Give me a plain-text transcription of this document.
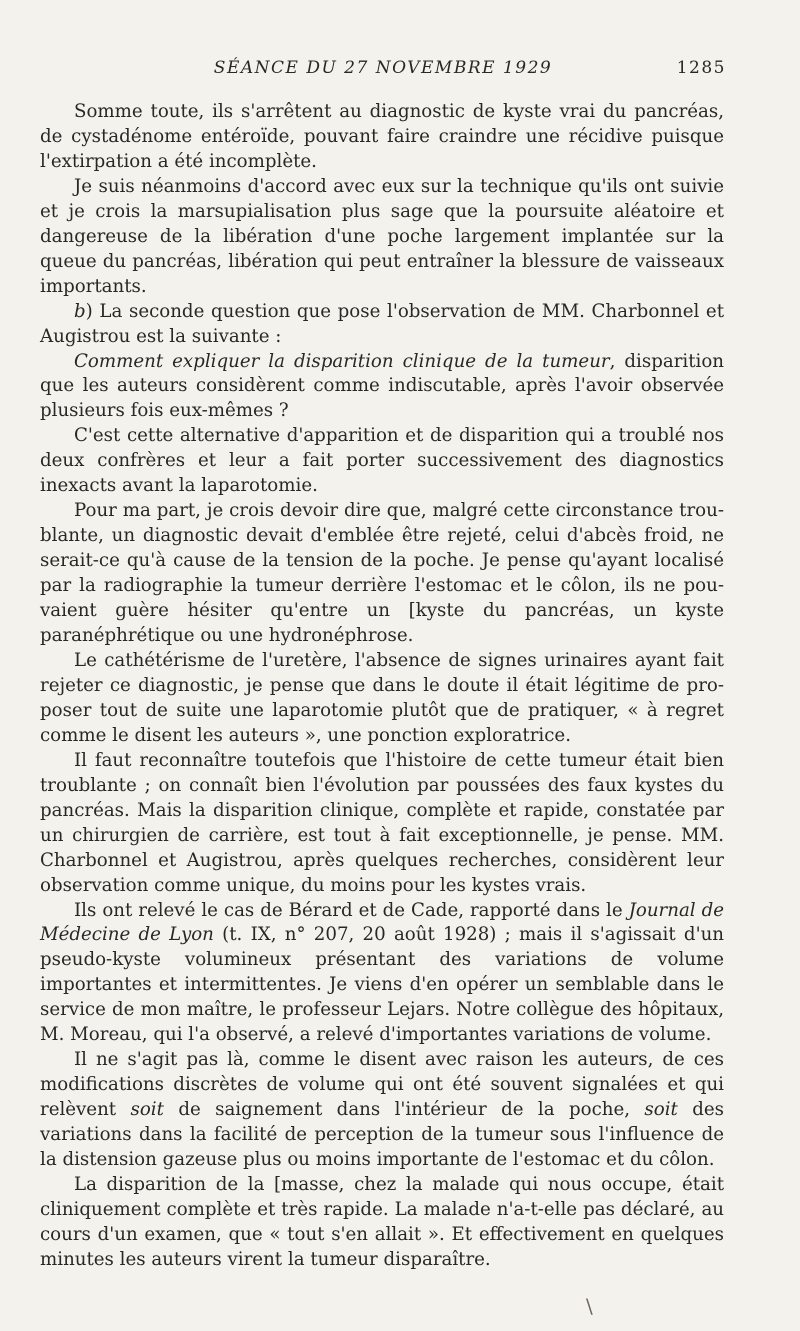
SÉANCE DU 27 NOVEMBRE 1929	1285

Somme toute, ils s'arrêtent au diagnostic de kyste vrai du pancréas, de cystadénome entéroïde, pouvant faire craindre une récidive puisque l'extirpation a été incomplète.

Je suis néanmoins d'accord avec eux sur la technique qu'ils ont suivie et je crois la marsupialisation plus sage que la poursuite aléatoire et dangereuse de la libération d'une poche largement implantée sur la queue du pancréas, libération qui peut entraîner la blessure de vaisseaux importants.

b) La seconde question que pose l'observation de MM. Charbonnel et Augistrou est la suivante :

Comment expliquer la disparition clinique de la tumeur, disparition que les auteurs considèrent comme indiscutable, après l'avoir observée plusieurs fois eux-mêmes ?

C'est cette alternative d'apparition et de disparition qui a troublé nos deux confrères et leur a fait porter successivement des diagnostics inexacts avant la laparotomie.

Pour ma part, je crois devoir dire que, malgré cette circonstance troublante, un diagnostic devait d'emblée être rejeté, celui d'abcès froid, ne serait-ce qu'à cause de la tension de la poche. Je pense qu'ayant localisé par la radiographie la tumeur derrière l'estomac et le côlon, ils ne pouvaient guère hésiter qu'entre un [kyste du pancréas, un kyste paranéphrétique ou une hydronéphrose.

Le cathétérisme de l'uretère, l'absence de signes urinaires ayant fait rejeter ce diagnostic, je pense que dans le doute il était légitime de proposer tout de suite une laparotomie plutôt que de pratiquer, « à regret comme le disent les auteurs », une ponction exploratrice.

Il faut reconnaître toutefois que l'histoire de cette tumeur était bien troublante ; on connaît bien l'évolution par poussées des faux kystes du pancréas. Mais la disparition clinique, complète et rapide, constatée par un chirurgien de carrière, est tout à fait exceptionnelle, je pense. MM. Charbonnel et Augistrou, après quelques recherches, considèrent leur observation comme unique, du moins pour les kystes vrais.

Ils ont relevé le cas de Bérard et de Cade, rapporté dans le Journal de Médecine de Lyon (t. IX, n° 207, 20 août 1928) ; mais il s'agissait d'un pseudo-kyste volumineux présentant des variations de volume importantes et intermittentes. Je viens d'en opérer un semblable dans le service de mon maître, le professeur Lejars. Notre collègue des hôpitaux, M. Moreau, qui l'a observé, a relevé d'importantes variations de volume.

Il ne s'agit pas là, comme le disent avec raison les auteurs, de ces modifications discrètes de volume qui ont été souvent signalées et qui relèvent soit de saignement dans l'intérieur de la poche, soit des variations dans la facilité de perception de la tumeur sous l'influence de la distension gazeuse plus ou moins importante de l'estomac et du côlon.

La disparition de la [masse, chez la malade qui nous occupe, était cliniquement complète et très rapide. La malade n'a-t-elle pas déclaré, au cours d'un examen, que « tout s'en allait ». Et effectivement en quelques minutes les auteurs virent la tumeur disparaître.

\
